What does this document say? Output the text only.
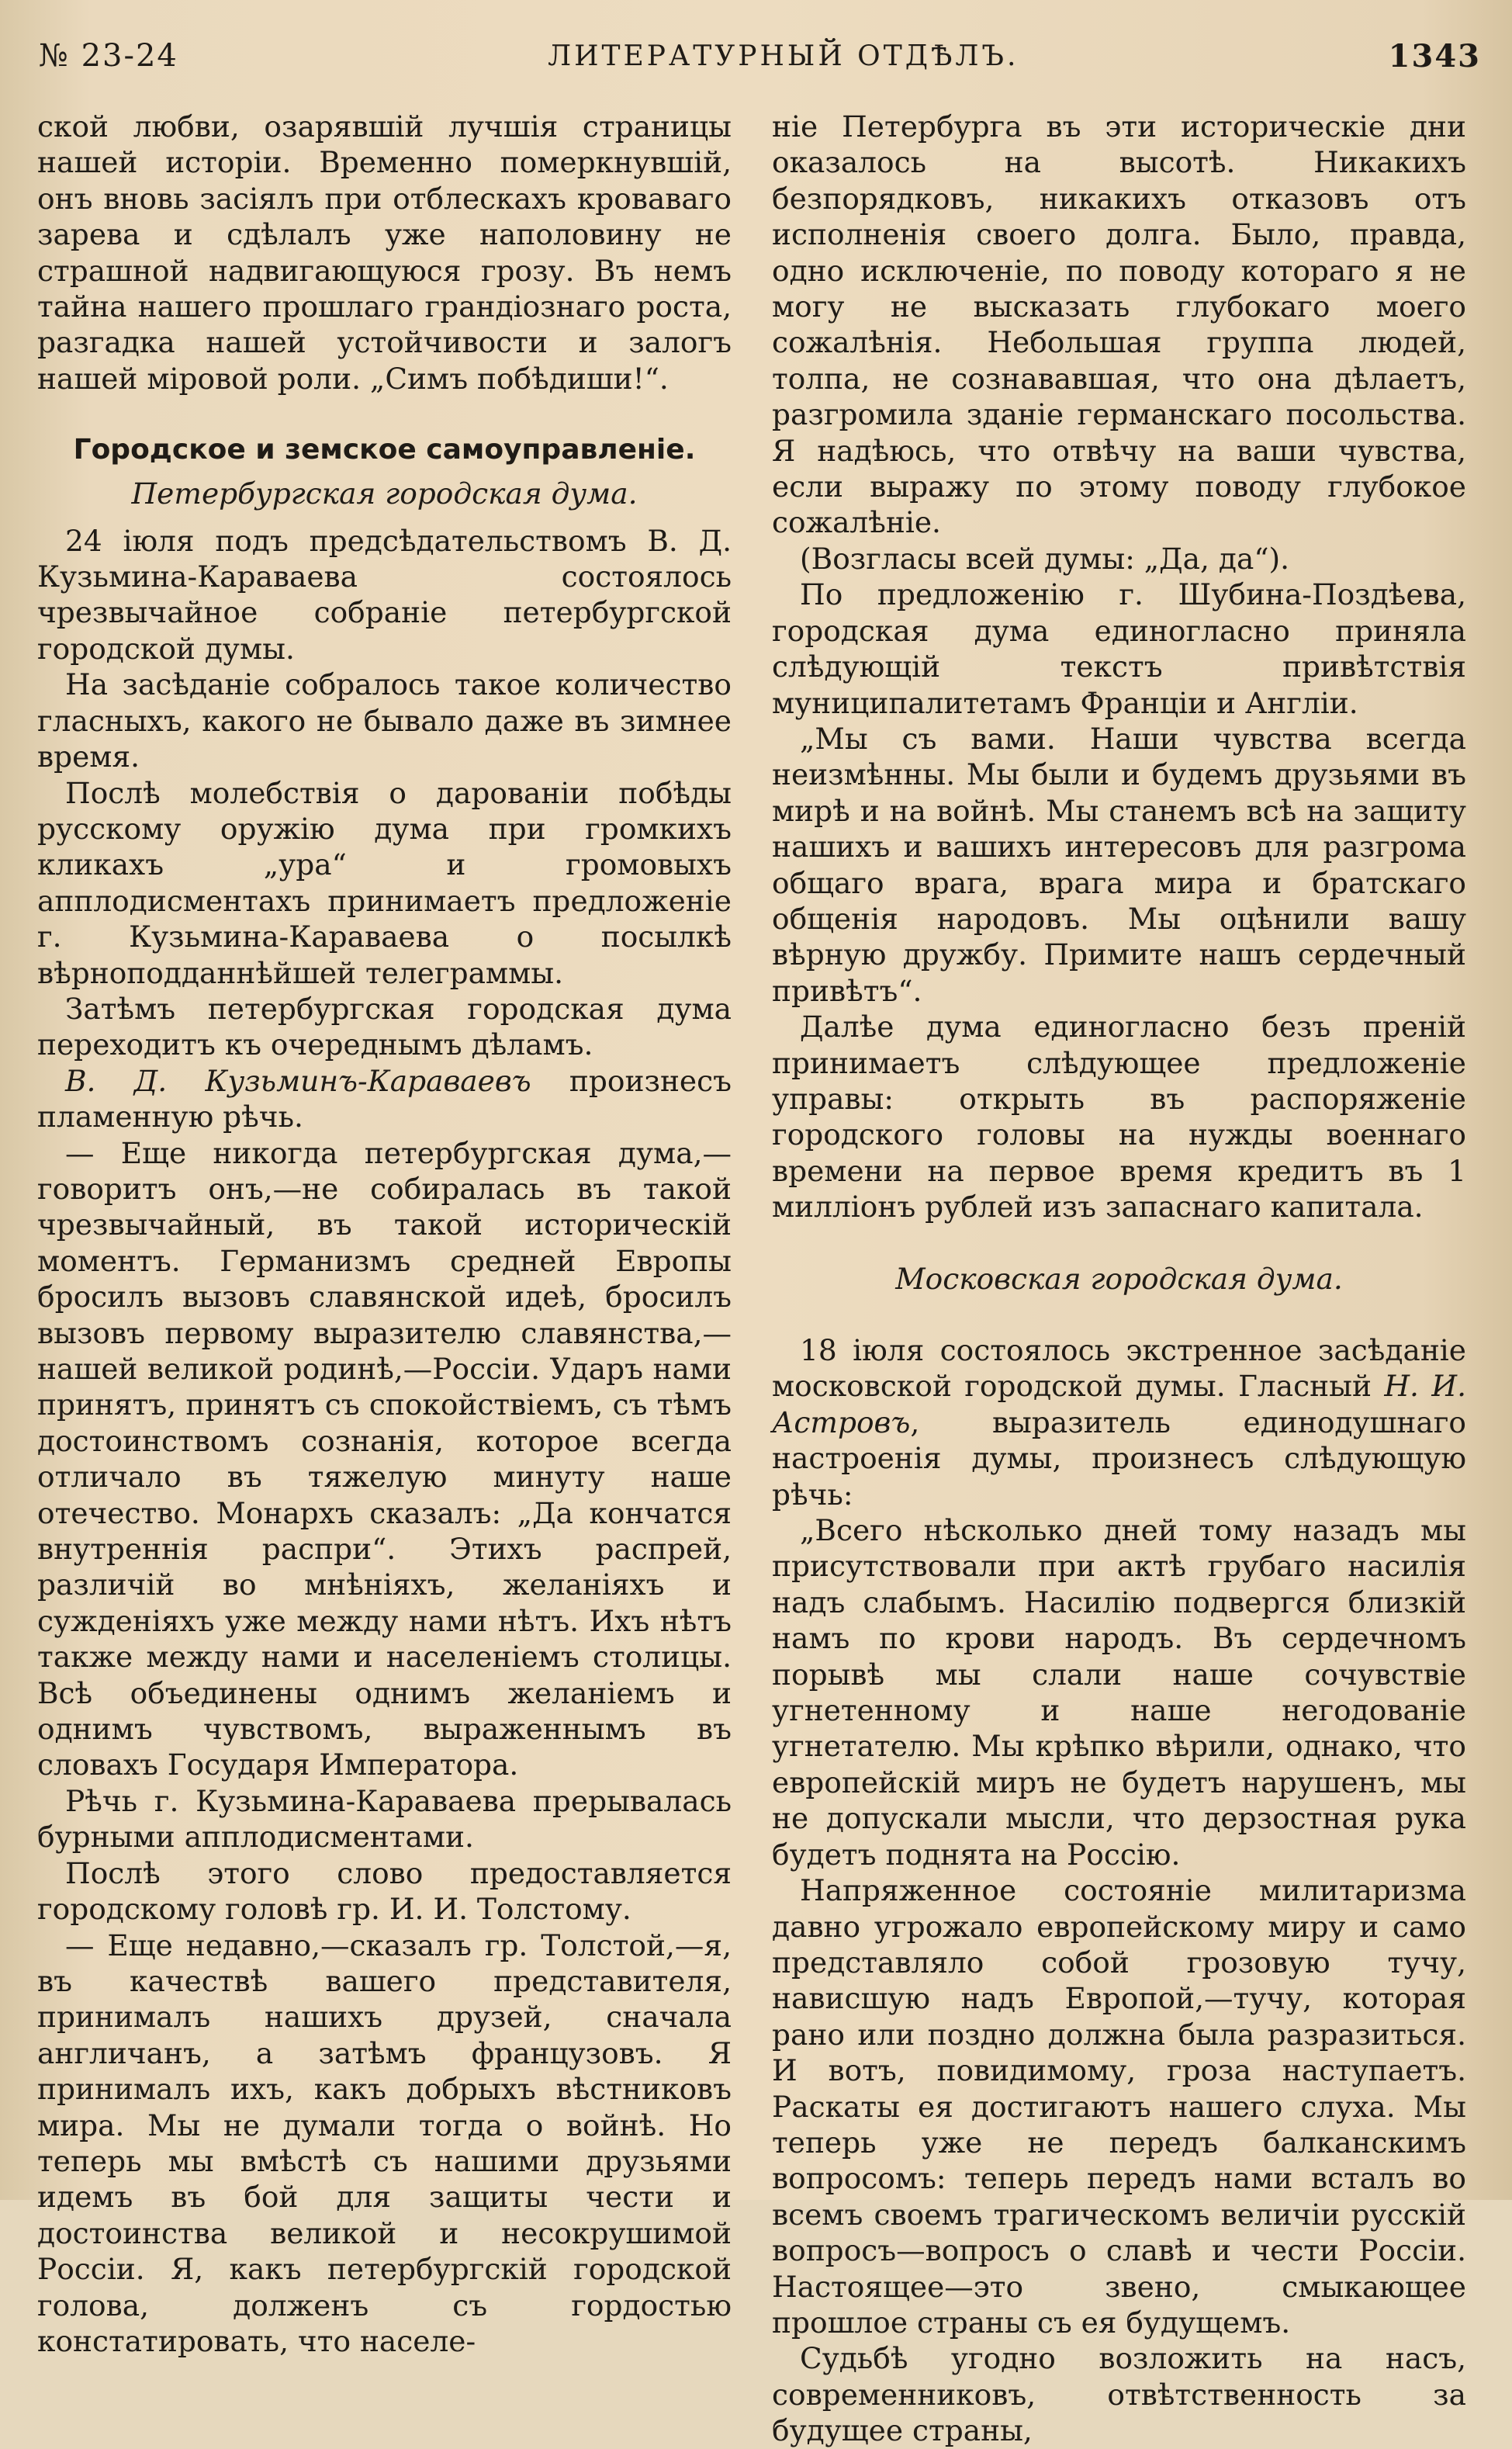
№ 23-24	ЛИТЕРАТУРНЫЙ ОТДѢЛЪ.	1343

ской любви, озарявшiй лучшiя страницы нашей исторiи. Временно померкнувшiй, онъ вновь засiялъ при отблескахъ кроваваго зарева и сдѣлалъ уже наполовину не страшной надвигающуюся грозу. Въ немъ тайна нашего прошлаго грандiознаго роста, разгадка нашей устойчивости и залогъ нашей мiровой роли. „Симъ побѣдиши!“.

Городское и земское самоуправленiе.
Петербургская городская дума.

24 iюля подъ предсѣдательствомъ В. Д. Кузьмина-Караваева состоялось чрезвычайное собранiе петербургской городской думы.

На засѣданiе собралось такое количество гласныхъ, какого не бывало даже въ зимнее время.

Послѣ молебствiя о дарованiи побѣды русскому оружiю дума при громкихъ кликахъ „ура“ и громовыхъ апплодисментахъ принимаетъ предложенiе г. Кузьмина-Караваева о посылкѣ вѣрноподданнѣйшей телеграммы.

Затѣмъ петербургская городская дума переходитъ къ очереднымъ дѣламъ.

В. Д. Кузьминъ-Караваевъ произнесъ пламенную рѣчь.

— Еще никогда петербургская дума,—говоритъ онъ,—не собиралась въ такой чрезвычайный, въ такой историческiй моментъ. Германизмъ средней Европы бросилъ вызовъ славянской идеѣ, бросилъ вызовъ первому выразителю славянства,—нашей великой родинѣ,—Россiи. Ударъ нами принятъ, принятъ съ спокойствiемъ, съ тѣмъ достоинствомъ сознанiя, которое всегда отличало въ тяжелую минуту наше отечество. Монархъ сказалъ: „Да кончатся внутреннiя распри“. Этихъ распрей, различiй во мнѣнiяхъ, желанiяхъ и сужденiяхъ уже между нами нѣтъ. Ихъ нѣтъ также между нами и населенiемъ столицы. Всѣ объединены однимъ желанiемъ и однимъ чувствомъ, выраженнымъ въ словахъ Государя Императора.

Рѣчь г. Кузьмина-Караваева прерывалась бурными апплодисментами.

Послѣ этого слово предоставляется городскому головѣ гр. И. И. Толстому.

— Еще недавно,—сказалъ гр. Толстой,—я, въ качествѣ вашего представителя, принималъ нашихъ друзей, сначала англичанъ, а затѣмъ французовъ. Я принималъ ихъ, какъ добрыхъ вѣстниковъ мира. Мы не думали тогда о войнѣ. Но теперь мы вмѣстѣ съ нашими друзьями идемъ въ бой для защиты чести и достоинства великой и несокрушимой Россiи. Я, какъ петербургскiй городской голова, долженъ съ гордостью констатировать, что населе-

нiе Петербурга въ эти историческiе дни оказалось на высотѣ. Никакихъ безпорядковъ, никакихъ отказовъ отъ исполненiя своего долга. Было, правда, одно исключенiе, по поводу котораго я не могу не высказать глубокаго моего сожалѣнiя. Небольшая группа людей, толпа, не сознававшая, что она дѣлаетъ, разгромила зданiе германскаго посольства. Я надѣюсь, что отвѣчу на ваши чувства, если выражу по этому поводу глубокое сожалѣнiе.

(Возгласы всей думы: „Да, да“).

По предложенiю г. Шубина-Поздѣева, городская дума единогласно приняла слѣдующiй текстъ привѣтствiя муниципалитетамъ Францiи и Англiи.

„Мы съ вами. Наши чувства всегда неизмѣнны. Мы были и будемъ друзьями въ мирѣ и на войнѣ. Мы станемъ всѣ на защиту нашихъ и вашихъ интересовъ для разгрома общаго врага, врага мира и братскаго общенiя народовъ. Мы оцѣнили вашу вѣрную дружбу. Примите нашъ сердечный привѣтъ“.

Далѣе дума единогласно безъ пренiй принимаетъ слѣдующее предложенiе управы: открыть въ распоряженiе городского головы на нужды военнаго времени на первое время кредитъ въ 1 миллiонъ рублей изъ запаснаго капитала.

Московская городская дума.

18 iюля состоялось экстренное засѣданiе московской городской думы. Гласный Н. И. Астровъ, выразитель единодушнаго настроенiя думы, произнесъ слѣдующую рѣчь:

„Всего нѣсколько дней тому назадъ мы присутствовали при актѣ грубаго насилiя надъ слабымъ. Насилiю подвергся близкiй намъ по крови народъ. Въ сердечномъ порывѣ мы слали наше сочувствiе угнетенному и наше негодованiе угнетателю. Мы крѣпко вѣрили, однако, что европейскiй миръ не будетъ нарушенъ, мы не допускали мысли, что дерзостная рука будетъ поднята на Россiю.

Напряженное состоянiе милитаризма давно угрожало европейскому миру и само представляло собой грозовую тучу, нависшую надъ Европой,—тучу, которая рано или поздно должна была разразиться. И вотъ, повидимому, гроза наступаетъ. Раскаты ея достигаютъ нашего слуха. Мы теперь уже не передъ балканскимъ вопросомъ: теперь передъ нами всталъ во всемъ своемъ трагическомъ величiи русскiй вопросъ—вопросъ о славѣ и чести Россiи. Настоящее—это звено, смыкающее прошлое страны съ ея будущемъ.

Судьбѣ угодно возложить на насъ, современниковъ, отвѣтственность за будущее страны,
